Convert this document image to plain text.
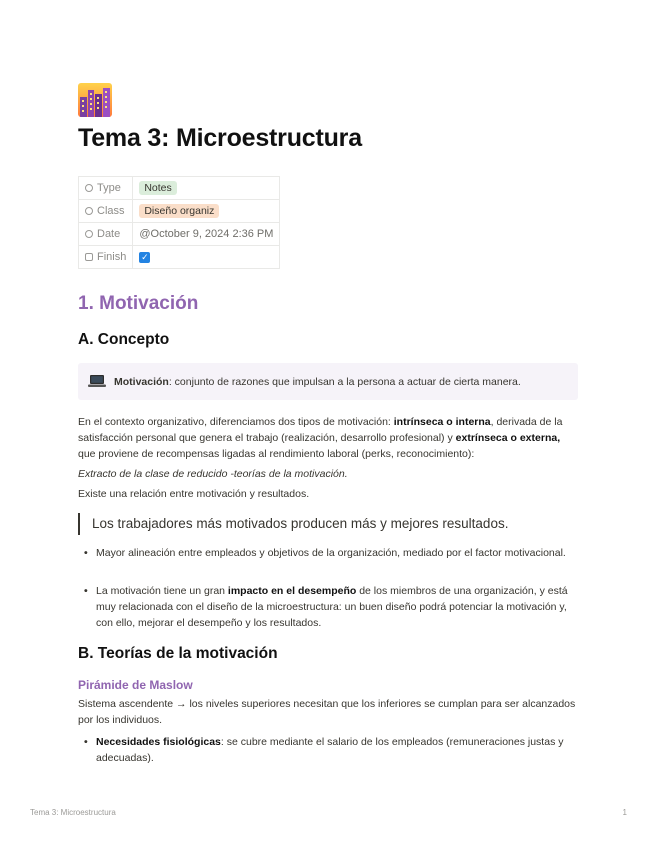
Tema 3: Microestructura
Type	Notes
Class	Diseño organiz
Date	@October 9, 2024 2:36 PM
Finish	✓
1. Motivación
A. Concepto
Motivación: conjunto de razones que impulsan a la persona a actuar de cierta manera.

En el contexto organizativo, diferenciamos dos tipos de motivación: intrínseca o interna, derivada de la satisfacción personal que genera el trabajo (realización, desarrollo profesional) y extrínseca o externa, que proviene de recompensas ligadas al rendimiento laboral (perks, reconocimiento):

Extracto de la clase de reducido -teorías de la motivación.

Existe una relación entre motivación y resultados.

Los trabajadores más motivados producen más y mejores resultados.
• Mayor alineación entre empleados y objetivos de la organización, mediado por el factor motivacional.
• La motivación tiene un gran impacto en el desempeño de los miembros de una organización, y está muy relacionada con el diseño de la microestructura: un buen diseño podrá potenciar la motivación y, con ello, mejorar el desempeño y los resultados.
B. Teorías de la motivación
Pirámide de Maslow

Sistema ascendente → los niveles superiores necesitan que los inferiores se cumplan para ser alcanzados por los individuos.

• Necesidades fisiológicas: se cubre mediante el salario de los empleados (remuneraciones justas y adecuadas).
Tema 3: Microestructura	1
